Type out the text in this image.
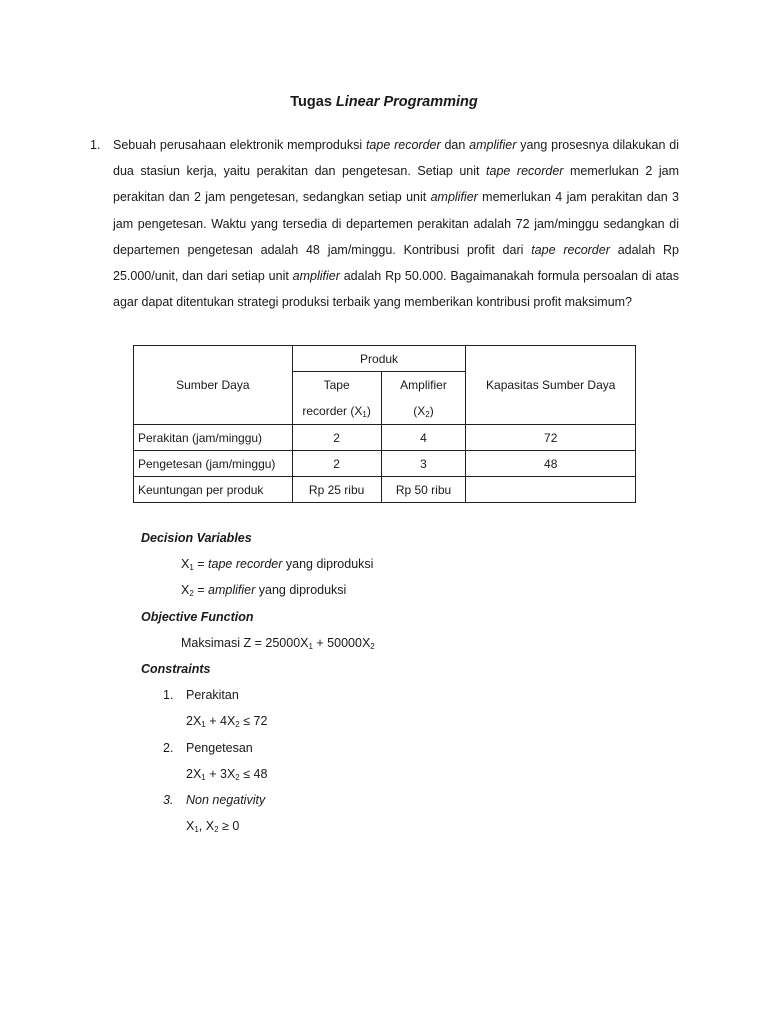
Tugas Linear Programming
1. Sebuah perusahaan elektronik memproduksi tape recorder dan amplifier yang prosesnya dilakukan di dua stasiun kerja, yaitu perakitan dan pengetesan. Setiap unit tape recorder memerlukan 2 jam perakitan dan 2 jam pengetesan, sedangkan setiap unit amplifier memerlukan 4 jam perakitan dan 3 jam pengetesan. Waktu yang tersedia di departemen perakitan adalah 72 jam/minggu sedangkan di departemen pengetesan adalah 48 jam/minggu. Kontribusi profit dari tape recorder adalah Rp 25.000/unit, dan dari setiap unit amplifier adalah Rp 50.000. Bagaimanakah formula persoalan di atas agar dapat ditentukan strategi produksi terbaik yang memberikan kontribusi profit maksimum?
Sumber Daya	Produk		Kapasitas Sumber Daya
	Tape	Amplifier	
	recorder $(X_1)$	$(X_2)$	
Perakitan (jam/minggu)	2	4	72
Pengetesan (jam/minggu)	2	3	48
Keuntungan per produk	Rp 25 ribu	Rp 50 ribu	
Decision Variables
$X_1$ = tape recorder yang diproduksi
$X_2$ = amplifier yang diproduksi
Objective Function
Maksimasi $Z = 25000X_1 + 50000X_2$
Constraints
1. Perakitan
$2X_1 + 4X_2 \le 72$
2. Pengetesan
$2X_1 + 3X_2 \le 48$
3. Non negativity
$X_1$, $X_2 \ge 0$
